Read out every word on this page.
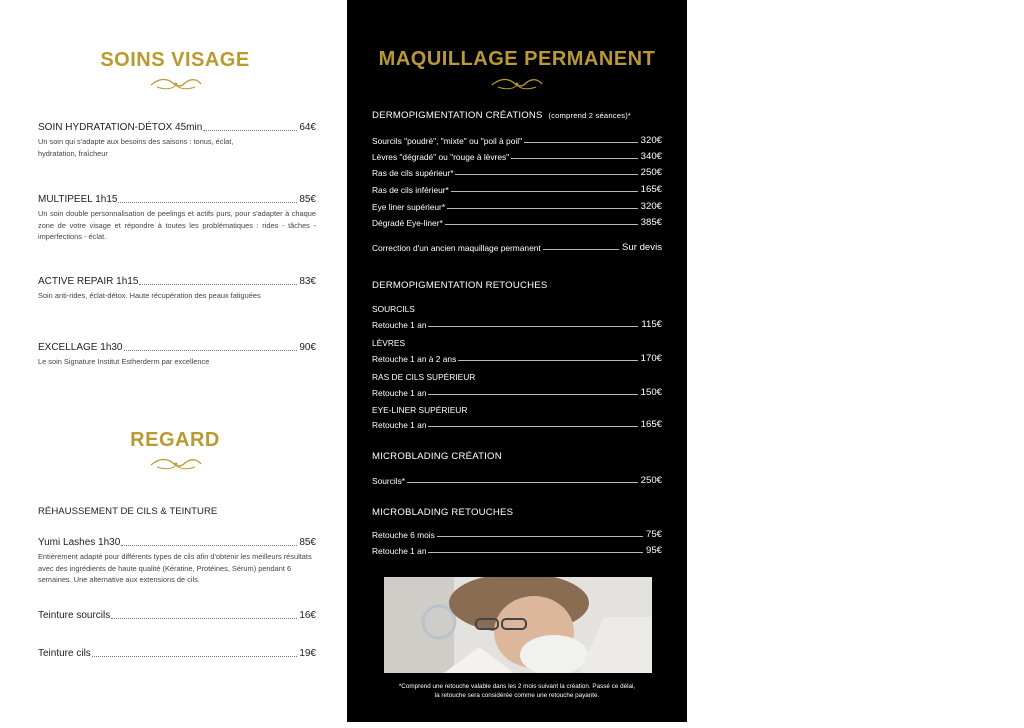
SOINS VISAGE
SOIN HYDRATATION-DÉTOX 45min	64€
Un soin qui s'adapte aux besoins des saisons : tonus, éclat, hydratation, fraîcheur
MULTIPEEL 1h15	85€
Un soin double personnalisation de peelings et actifs purs, pour s'adapter à chaque zone de votre visage et répondre à toutes les problématiques : rides - tâches - imperfections - éclat.
ACTIVE REPAIR 1h15	83€
Soin anti-rides, éclat-détox. Haute récupération des peaux fatiguées
EXCELLAGE 1h30	90€
Le soin Signature Institut Estherderm par excellence
REGARD
RÉHAUSSEMENT DE CILS & TEINTURE
Yumi Lashes 1h30	85€
Entièrement adapté pour différents types de cils afin d'obtenir les meilleurs résultats avec des ingrédients de haute qualité (Kératine, Protéines, Sérum) pendant 6 semaines. Une alternative aux extensions de cils.
Teinture sourcils	16€
Teinture cils	19€
MAQUILLAGE PERMANENT
DERMOPIGMENTATION CRÉATIONS (comprend 2 séances)*
Sourcils "poudré", "mixte" ou "poil à poil"	320€
Lèvres "dégradé" ou "rouge à lèvres"	340€
Ras de cils supérieur*	250€
Ras de cils inférieur*	165€
Eye liner supérieur*	320€
Dégradé Eye-liner*	385€
Correction d'un ancien maquillage permanent	Sur devis
DERMOPIGMENTATION RETOUCHES
SOURCILS
Retouche 1 an	115€
LÈVRES
Retouche 1 an à 2 ans	170€
RAS DE CILS SUPÉRIEUR
Retouche 1 an	150€
EYE-LINER SUPÉRIEUR
Retouche 1 an	165€
MICROBLADING CRÉATION
Sourcils*	250€
MICROBLADING RETOUCHES
Retouche 6 mois	75€
Retouche 1 an	95€
*Comprend une retouche valable dans les 2 mois suivant la création. Passé ce délai,
la retouche sera considérée comme une retouche payante.
